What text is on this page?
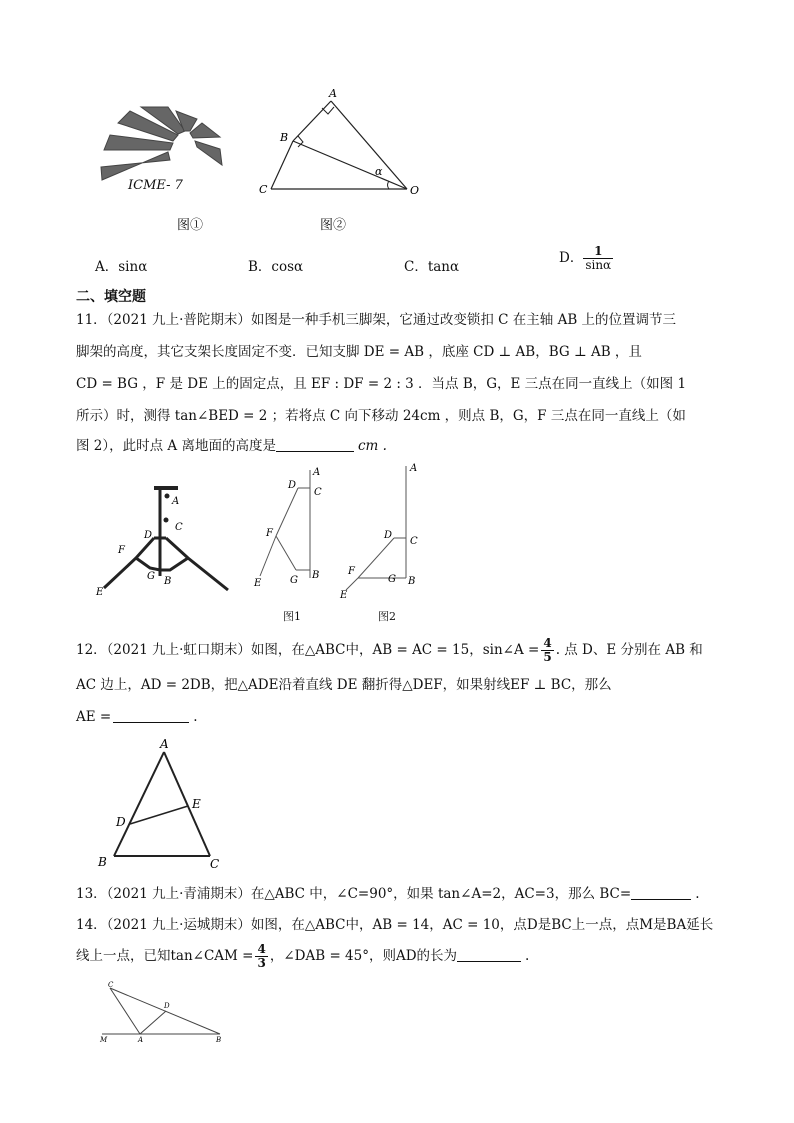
ICME- 7
图①
A
B
C	O
α
图②
A．sinα	B．cosα	C．tanα
D． $\frac{1}{\sin\alpha}$
二、填空题
11．（2021 九上·普陀期末）如图是一种手机三脚架，它通过改变锁扣 C 在主轴 AB 上的位置调节三
脚架的高度，其它支架长度固定不变．已知支脚 DE = AB ，底座 CD ⊥ AB，BG ⊥ AB ，且
CD = BG ，F 是 DE 上的固定点，且 EF : DF = 2 : 3 ．当点 B，G，E 三点在同一直线上（如图 1
所示）时，测得 tan∠BED = 2 ；若将点 C 向下移动 24cm ，则点 B，G，F 三点在同一直线上（如
图 2），此时点 A 离地面的高度是	cm .
A
D
C
F
G B
E
A
D
C
F
G B
E
图1
A
D
C
F
G B
E
图2
12．（2021 九上·虹口期末）如图，在△ABC中，AB = AC = 15，sin∠A = $\frac{4}{5}$ . 点 D、E 分别在 AB 和
AC 边上，AD = 2DB，把△ADE沿着直线 DE 翻折得△DEF，如果射线EF ⊥ BC，那么
AE =	.
A
D
E
B	C
13．（2021 九上·青浦期末）在△ABC 中，∠C=90°，如果 tan∠A=2，AC=3，那么 BC=	.
14．（2021 九上·运城期末）如图，在△ABC中，AB = 14，AC = 10，点D是BC上一点，点M是BA延长
线上一点，已知tan∠CAM = $\frac{4}{3}$ ，∠DAB = 45°，则AD的长为	.
C
D
M	A	B
